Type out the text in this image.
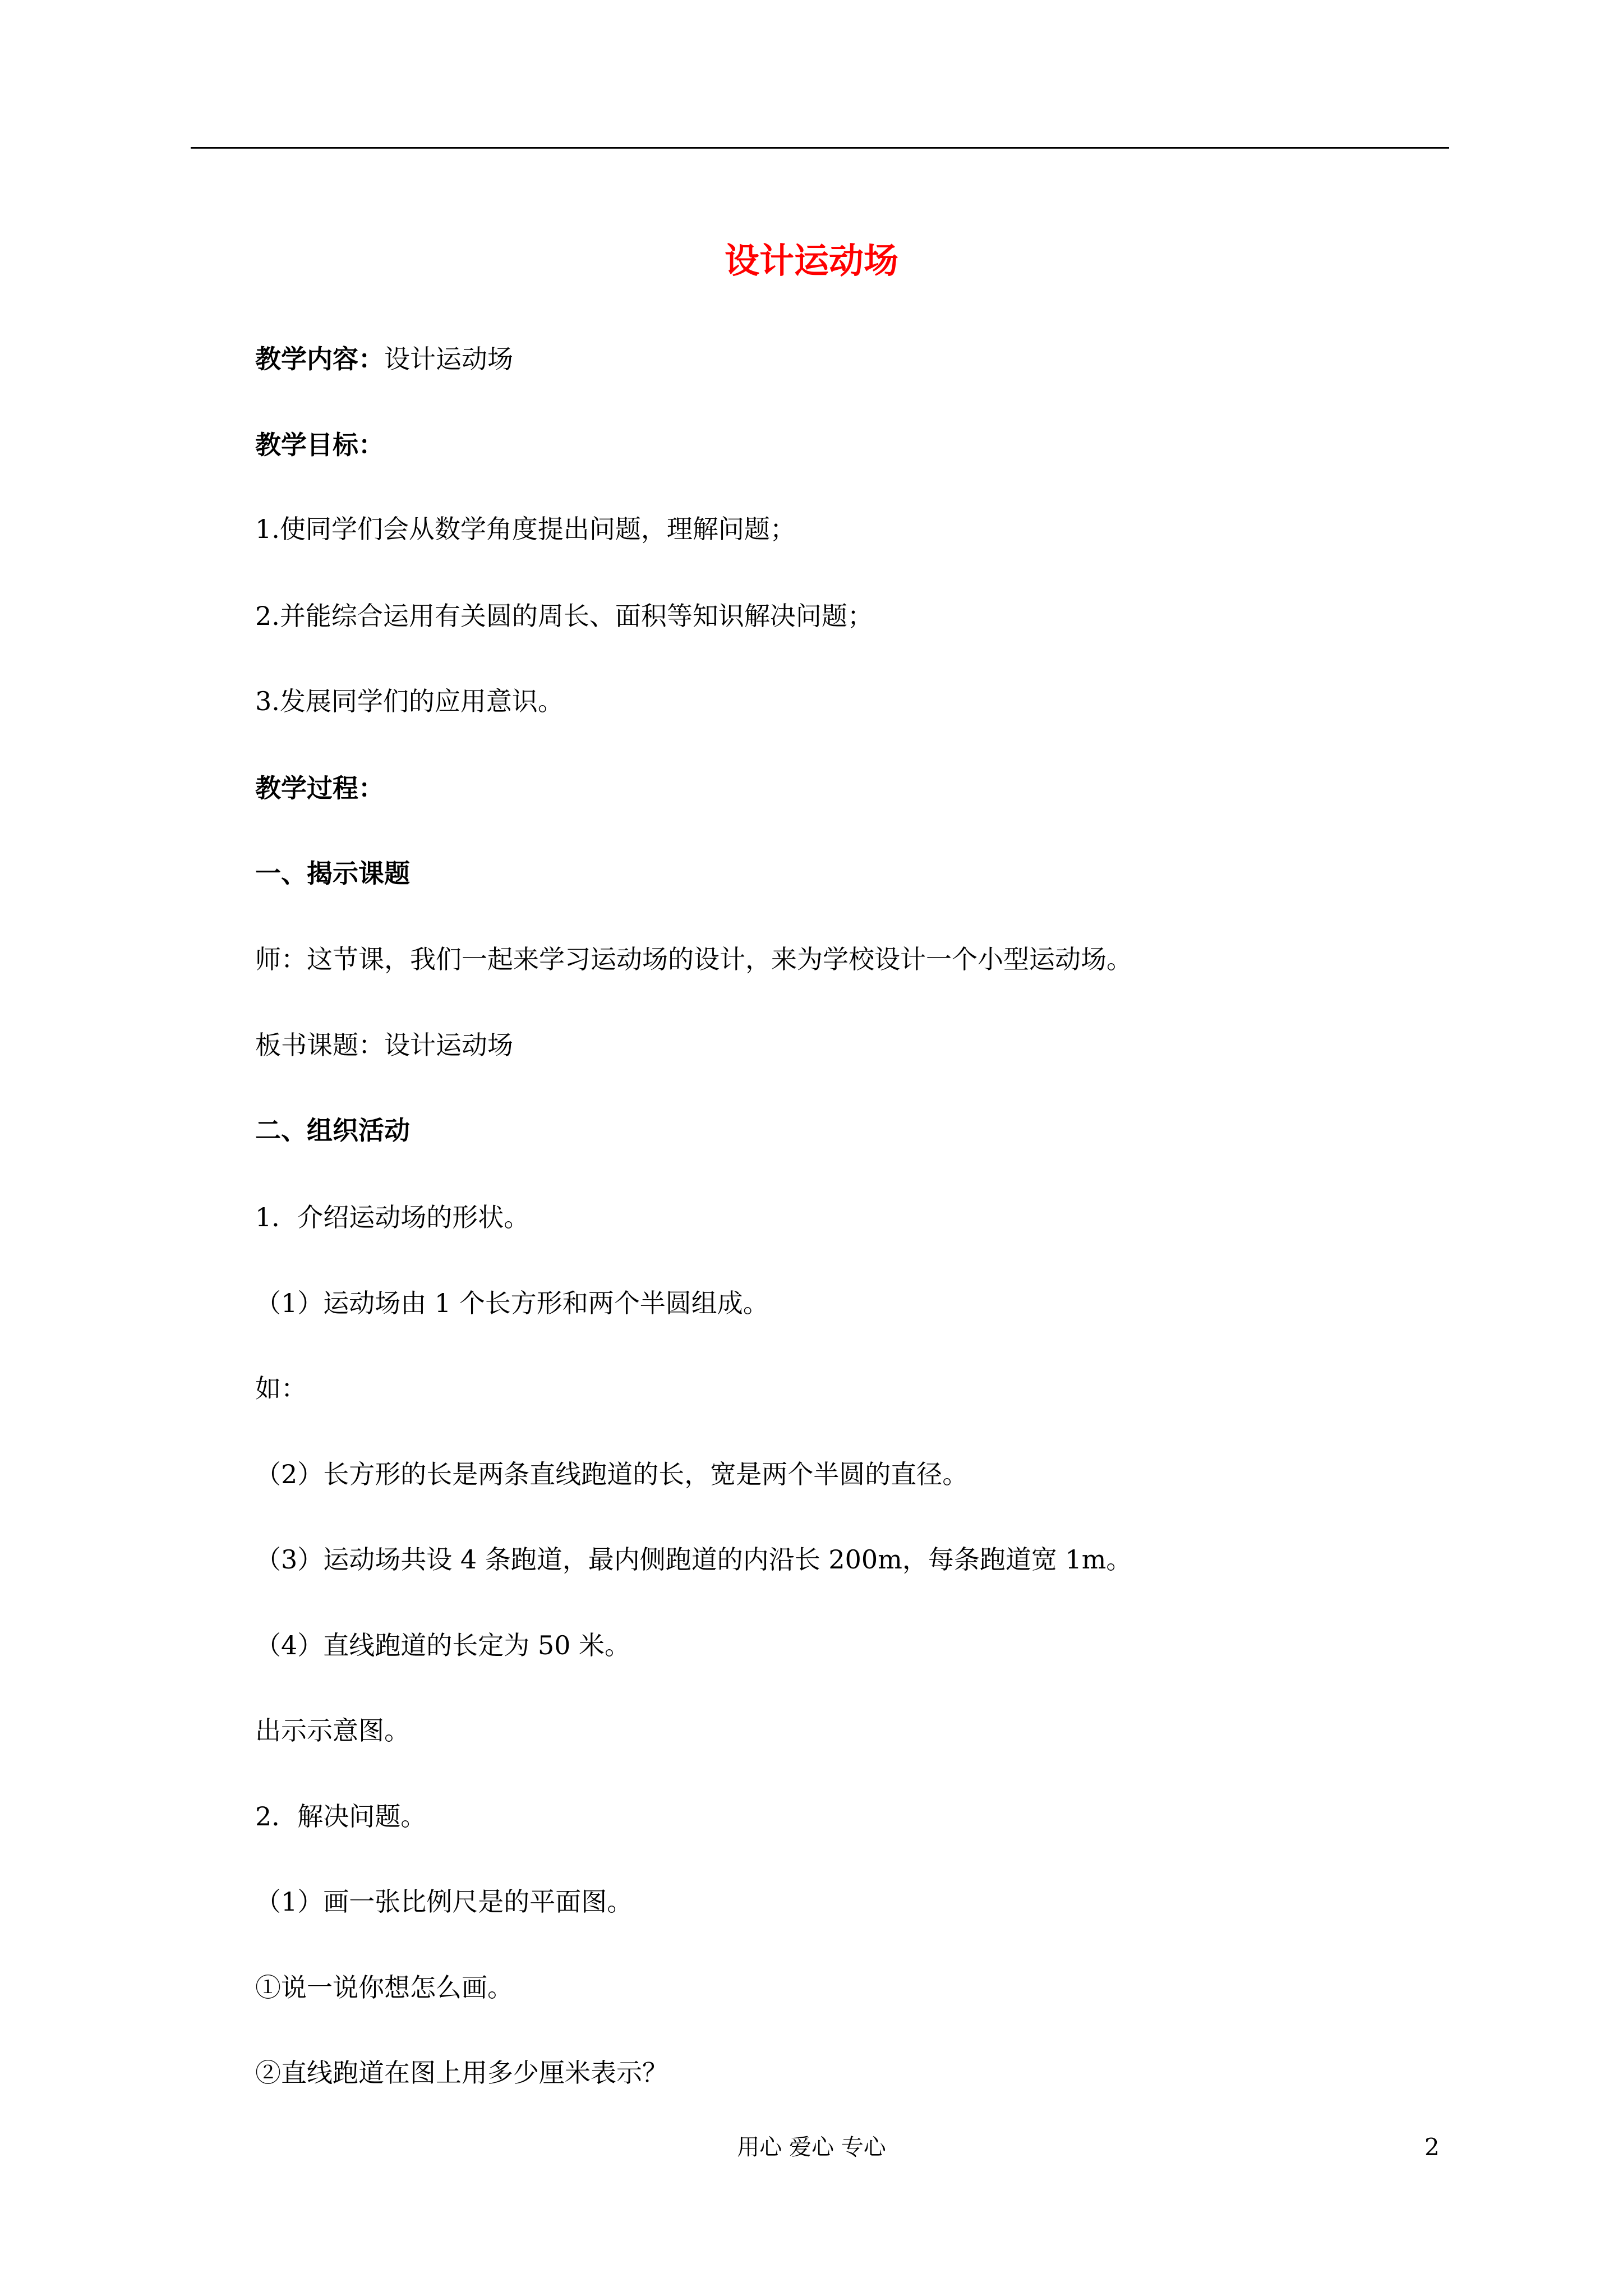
设计运动场

教学内容：设计运动场

教学目标：

1.使同学们会从数学角度提出问题，理解问题；

2.并能综合运用有关圆的周长、面积等知识解决问题；

3.发展同学们的应用意识。

教学过程：

一、揭示课题

师：这节课，我们一起来学习运动场的设计，来为学校设计一个小型运动场。

板书课题：设计运动场

二、组织活动

1．介绍运动场的形状。

（1）运动场由 1 个长方形和两个半圆组成。

如：

（2）长方形的长是两条直线跑道的长，宽是两个半圆的直径。

（3）运动场共设 4 条跑道，最内侧跑道的内沿长 200m，每条跑道宽 1m。

（4）直线跑道的长定为 50 米。

出示示意图。

2．解决问题。

（1）画一张比例尺是的平面图。

①说一说你想怎么画。

②直线跑道在图上用多少厘米表示？

用心 爱心 专心	2
